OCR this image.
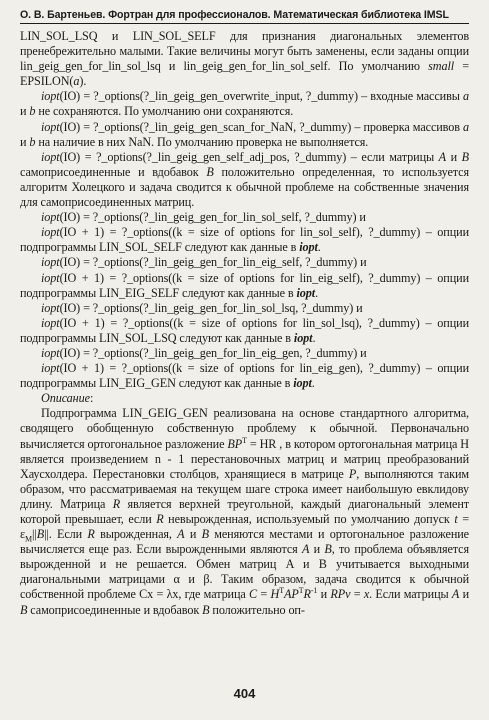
О. В. Бартеньев. Фортран для профессионалов. Математическая библиотека IMSL

LIN_SOL_LSQ и LIN_SOL_SELF для признания диагональных элементов пренебрежительно малыми. Такие величины могут быть заменены, если заданы опции lin_geig_gen_for_lin_sol_lsq и lin_geig_gen_for_lin_sol_self. По умолчанию small = EPSILON(a).

iopt(IO) = ?_options(?_lin_geig_gen_overwrite_input, ?_dummy) – входные массивы a и b не сохраняются. По умолчанию они сохраняются.

iopt(IO) = ?_options(?_lin_geig_gen_scan_for_NaN, ?_dummy) – проверка массивов a и b на наличие в них NaN. По умолчанию проверка не выполняется.

iopt(IO) = ?_options(?_lin_geig_gen_self_adj_pos, ?_dummy) – если матрицы A и B самоприсоединенные и вдобавок B положительно определенная, то используется алгоритм Холецкого и задача сводится к обычной проблеме на собственные значения для самоприсоединенных матриц.

iopt(IO) = ?_options(?_lin_geig_gen_for_lin_sol_self, ?_dummy) и

iopt(IO + 1) = ?_options((k = size of options for lin_sol_self), ?_dummy) – опции подпрограммы LIN_SOL_SELF следуют как данные в iopt.

iopt(IO) = ?_options(?_lin_geig_gen_for_lin_eig_self, ?_dummy) и

iopt(IO + 1) = ?_options((k = size of options for lin_eig_self), ?_dummy) – опции подпрограммы LIN_EIG_SELF следуют как данные в iopt.

iopt(IO) = ?_options(?_lin_geig_gen_for_lin_sol_lsq, ?_dummy) и

iopt(IO + 1) = ?_options((k = size of options for lin_sol_lsq), ?_dummy) – опции подпрограммы LIN_SOL_LSQ следуют как данные в iopt.

iopt(IO) = ?_options(?_lin_geig_gen_for_lin_eig_gen, ?_dummy) и

iopt(IO + 1) = ?_options((k = size of options for lin_eig_gen), ?_dummy) – опции подпрограммы LIN_EIG_GEN следуют как данные в iopt.

Описание:

Подпрограмма LIN_GEIG_GEN реализована на основе стандартного алгоритма, сводящего обобщенную собственную проблему к обычной. Первоначально вычисляется ортогональное разложение $BP^T$ = HR , в котором ортогональная матрица H является произведением n - 1 перестановочных матриц и матриц преобразований Хаусхолдера. Перестановки столбцов, хранящиеся в матрице P, выполняются таким образом, что рассматриваемая на текущем шаге строка имеет наибольшую евклидову длину. Матрица R является верхней треугольной, каждый диагональный элемент которой превышает, если R невырожденная, используемый по умолчанию допуск $t = \varepsilon_M||B||$. Если R вырожденная, A и B меняются местами и ортогональное разложение вычисляется еще раз. Если вырожденными являются A и B, то проблема объявляется вырожденной и не решается. Обмен матриц A и B учитывается выходными диагональными матрицами α и β. Таким образом, задача сводится к обычной собственной проблеме Cx = λx, где матрица $C = H^TAP^TR^{-1}$ и RPv = x. Если матрицы A и B самоприсоединенные и вдобавок B положительно оп-

404
